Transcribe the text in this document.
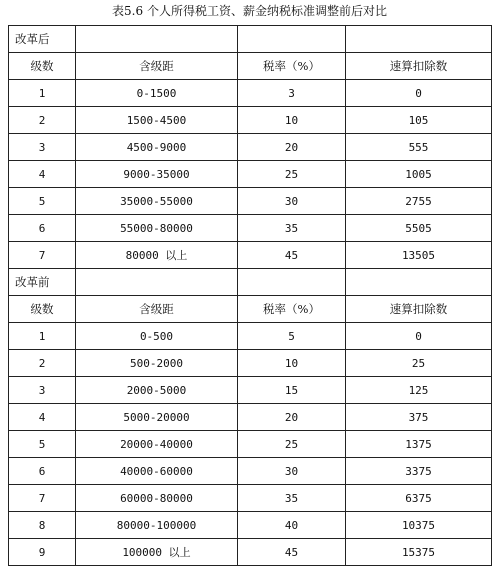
表5.6 个人所得税工资、薪金纳税标准调整前后对比
改革后			
级数	含级距	税率（%）	速算扣除数
1	0-1500	3	0
2	1500-4500	10	105
3	4500-9000	20	555
4	9000-35000	25	1005
5	35000-55000	30	2755
6	55000-80000	35	5505
7	80000 以上	45	13505
改革前			
级数	含级距	税率（%）	速算扣除数
1	0-500	5	0
2	500-2000	10	25
3	2000-5000	15	125
4	5000-20000	20	375
5	20000-40000	25	1375
6	40000-60000	30	3375
7	60000-80000	35	6375
8	80000-100000	40	10375
9	100000 以上	45	15375
